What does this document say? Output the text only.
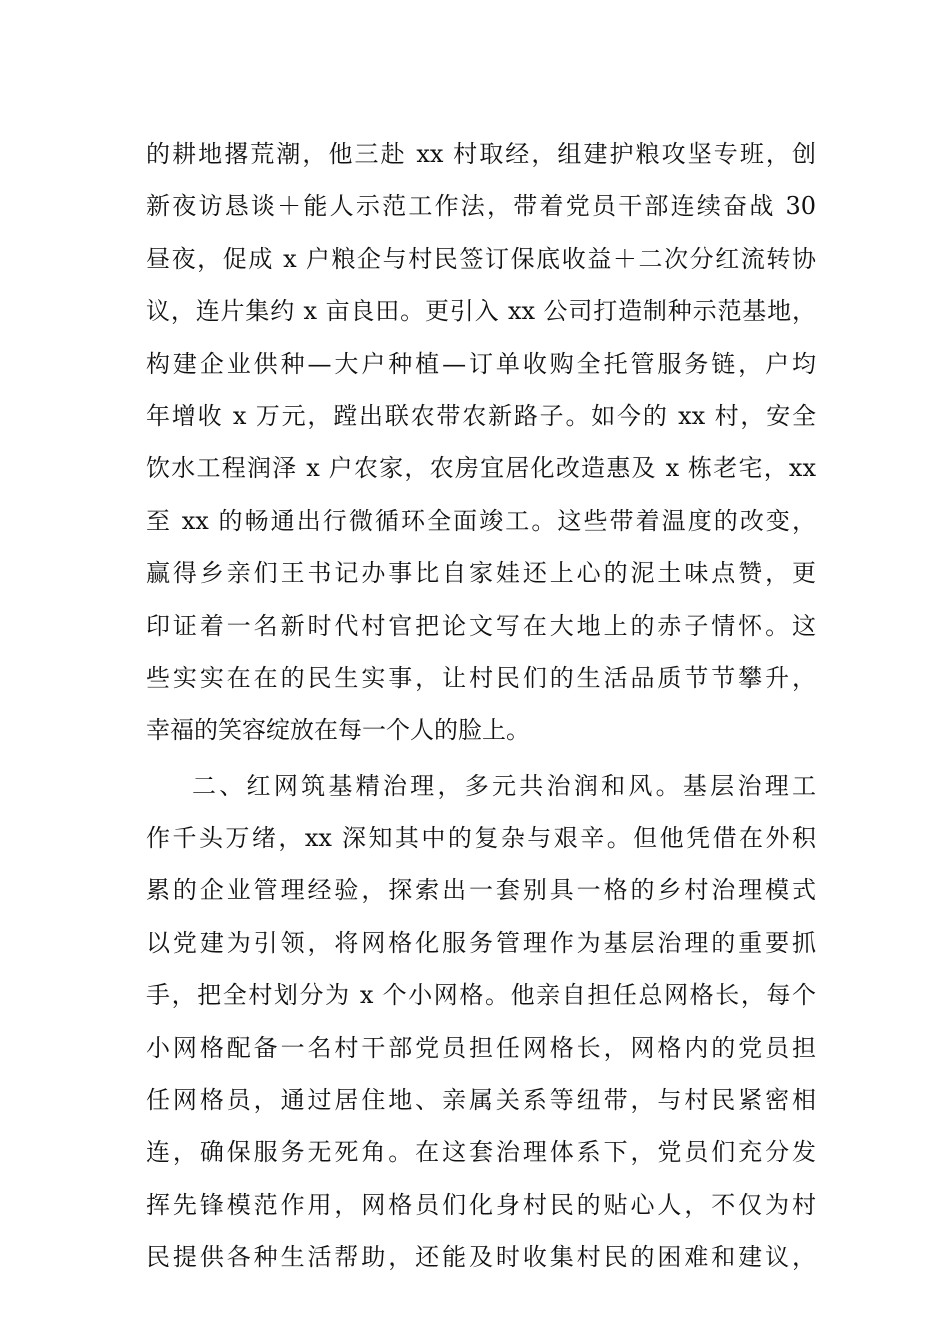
的耕地撂荒潮，他三赴 xx 村取经，组建护粮攻坚专班，创
新夜访恳谈＋能人示范工作法，带着党员干部连续奋战 30
昼夜，促成 x 户粮企与村民签订保底收益＋二次分红流转协
议，连片集约 x 亩良田。更引入 xx 公司打造制种示范基地，
构建企业供种—大户种植—订单收购全托管服务链，户均
年增收 x 万元，蹚出联农带农新路子。如今的 xx 村，安全
饮水工程润泽 x 户农家，农房宜居化改造惠及 x 栋老宅，xx
至 xx 的畅通出行微循环全面竣工。这些带着温度的改变，
赢得乡亲们王书记办事比自家娃还上心的泥土味点赞，更
印证着一名新时代村官把论文写在大地上的赤子情怀。这
些实实在在的民生实事，让村民们的生活品质节节攀升，
幸福的笑容绽放在每一个人的脸上。
二、红网筑基精治理，多元共治润和风。基层治理工
作千头万绪，xx 深知其中的复杂与艰辛。但他凭借在外积
累的企业管理经验，探索出一套别具一格的乡村治理模式
以党建为引领，将网格化服务管理作为基层治理的重要抓
手，把全村划分为 x 个小网格。他亲自担任总网格长，每个
小网格配备一名村干部党员担任网格长，网格内的党员担
任网格员，通过居住地、亲属关系等纽带，与村民紧密相
连，确保服务无死角。在这套治理体系下，党员们充分发
挥先锋模范作用，网格员们化身村民的贴心人，不仅为村
民提供各种生活帮助，还能及时收集村民的困难和建议，
